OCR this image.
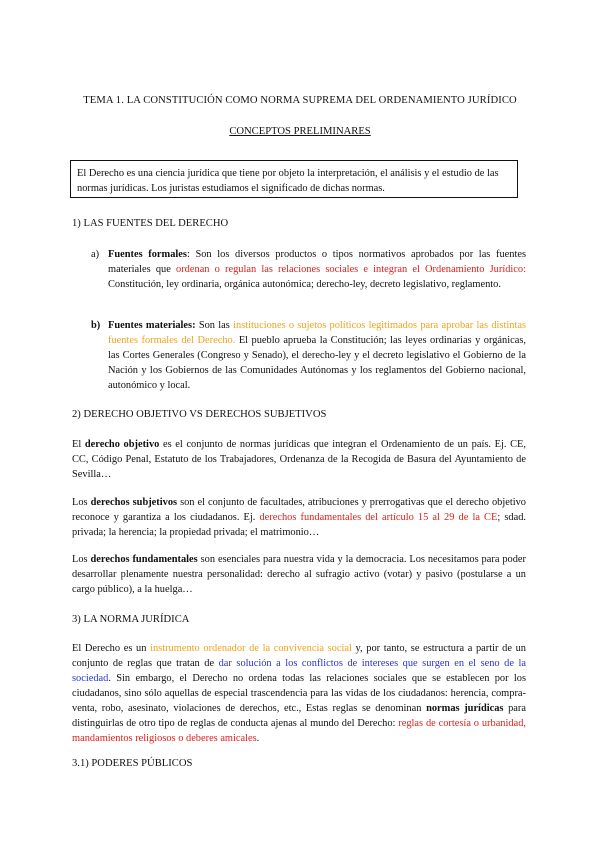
TEMA 1. LA CONSTITUCIÓN COMO NORMA SUPREMA DEL ORDENAMIENTO JURÍDICO
CONCEPTOS PRELIMINARES
El Derecho es una ciencia jurídica que tiene por objeto la interpretación, el análisis y el estudio de las normas jurídicas. Los juristas estudiamos el significado de dichas normas.
1) LAS FUENTES DEL DERECHO
a) Fuentes formales: Son los diversos productos o tipos normativos aprobados por las fuentes materiales que ordenan o regulan las relaciones sociales e integran el Ordenamiento Jurídico: Constitución, ley ordinaria, orgánica autonómica; derecho-ley, decreto legislativo, reglamento.
b) Fuentes materiales: Son las instituciones o sujetos políticos legitimados para aprobar las distintas fuentes formales del Derecho. El pueblo aprueba la Constitución; las leyes ordinarias y orgánicas, las Cortes Generales (Congreso y Senado), el derecho-ley y el decreto legislativo el Gobierno de la Nación y los Gobiernos de las Comunidades Autónomas y los reglamentos del Gobierno nacional, autonómico y local.
2) DERECHO OBJETIVO VS DERECHOS SUBJETIVOS
El derecho objetivo es el conjunto de normas jurídicas que integran el Ordenamiento de un país. Ej. CE, CC, Código Penal, Estatuto de los Trabajadores, Ordenanza de la Recogida de Basura del Ayuntamiento de Sevilla…
Los derechos subjetivos son el conjunto de facultades, atribuciones y prerrogativas que el derecho objetivo reconoce y garantiza a los ciudadanos. Ej. derechos fundamentales del artículo 15 al 29 de la CE; sdad. privada; la herencia; la propiedad privada; el matrimonio…
Los derechos fundamentales son esenciales para nuestra vida y la democracia. Los necesitamos para poder desarrollar plenamente nuestra personalidad: derecho al sufragio activo (votar) y pasivo (postularse a un cargo público), a la huelga…
3) LA NORMA JURÍDICA
El Derecho es un instrumento ordenador de la convivencia social y, por tanto, se estructura a partir de un conjunto de reglas que tratan de dar solución a los conflictos de intereses que surgen en el seno de la sociedad. Sin embargo, el Derecho no ordena todas las relaciones sociales que se establecen por los ciudadanos, sino sólo aquellas de especial trascendencia para las vidas de los ciudadanos: herencia, compra-venta, robo, asesinato, violaciones de derechos, etc., Estas reglas se denominan normas jurídicas para distinguirlas de otro tipo de reglas de conducta ajenas al mundo del Derecho: reglas de cortesía o urbanidad, mandamientos religiosos o deberes amicales.
3.1) PODERES PÚBLICOS
